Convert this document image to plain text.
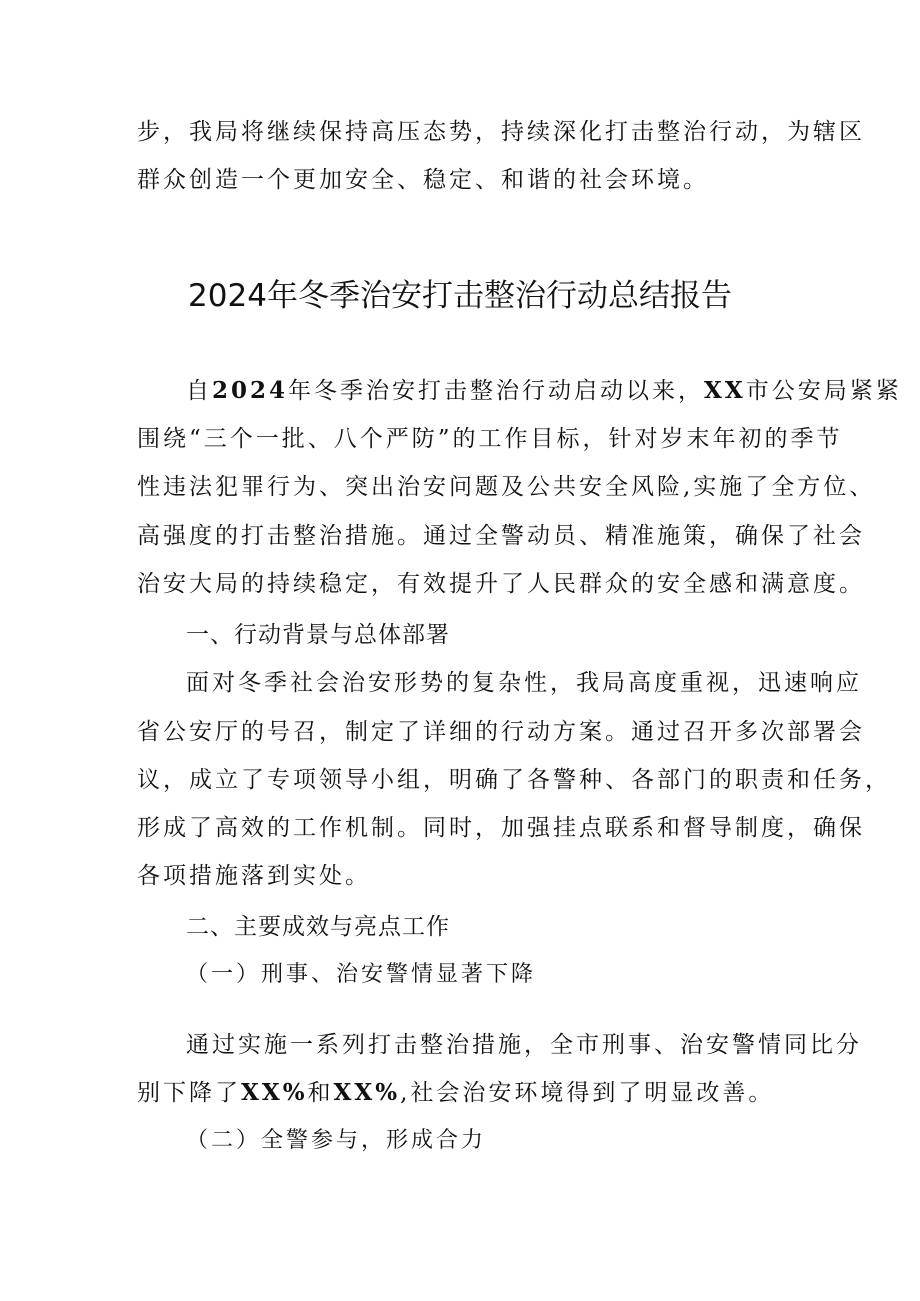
步，我局将继续保持高压态势，持续深化打击整治行动，为辖区
群众创造一个更加安全、稳定、和谐的社会环境。
2024年冬季治安打击整治行动总结报告
自2024年冬季治安打击整治行动启动以来，XX市公安局紧紧
围绕“三个一批、八个严防”的工作目标，针对岁末年初的季节
性违法犯罪行为、突出治安问题及公共安全风险,实施了全方位、
高强度的打击整治措施。通过全警动员、精准施策，确保了社会
治安大局的持续稳定，有效提升了人民群众的安全感和满意度。
一、行动背景与总体部署
面对冬季社会治安形势的复杂性，我局高度重视，迅速响应
省公安厅的号召，制定了详细的行动方案。通过召开多次部署会
议，成立了专项领导小组，明确了各警种、各部门的职责和任务，
形成了高效的工作机制。同时，加强挂点联系和督导制度，确保
各项措施落到实处。
二、主要成效与亮点工作
（一）刑事、治安警情显著下降
通过实施一系列打击整治措施，全市刑事、治安警情同比分
别下降了XX%和XX%,社会治安环境得到了明显改善。
（二）全警参与，形成合力
